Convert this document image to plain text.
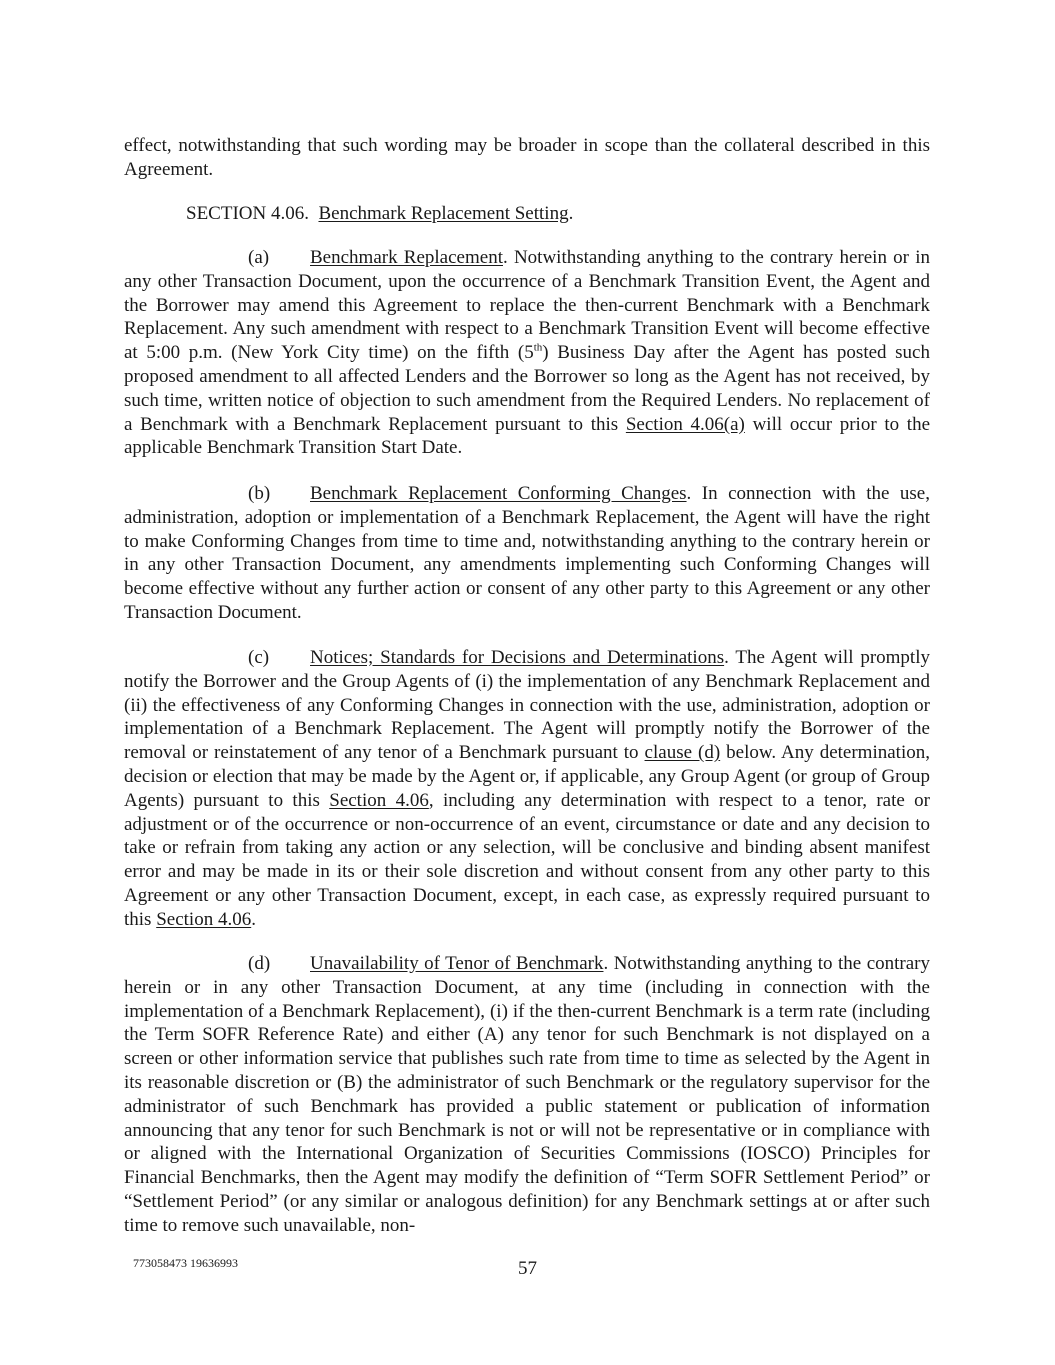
effect, notwithstanding that such wording may be broader in scope than the collateral described in this Agreement.

SECTION 4.06. Benchmark Replacement Setting.

(a) Benchmark Replacement. Notwithstanding anything to the contrary herein or in any other Transaction Document, upon the occurrence of a Benchmark Transition Event, the Agent and the Borrower may amend this Agreement to replace the then-current Benchmark with a Benchmark Replacement. Any such amendment with respect to a Benchmark Transition Event will become effective at 5:00 p.m. (New York City time) on the fifth (5th) Business Day after the Agent has posted such proposed amendment to all affected Lenders and the Borrower so long as the Agent has not received, by such time, written notice of objection to such amendment from the Required Lenders. No replacement of a Benchmark with a Benchmark Replacement pursuant to this Section 4.06(a) will occur prior to the applicable Benchmark Transition Start Date.

(b) Benchmark Replacement Conforming Changes. In connection with the use, administration, adoption or implementation of a Benchmark Replacement, the Agent will have the right to make Conforming Changes from time to time and, notwithstanding anything to the contrary herein or in any other Transaction Document, any amendments implementing such Conforming Changes will become effective without any further action or consent of any other party to this Agreement or any other Transaction Document.

(c) Notices; Standards for Decisions and Determinations. The Agent will promptly notify the Borrower and the Group Agents of (i) the implementation of any Benchmark Replacement and (ii) the effectiveness of any Conforming Changes in connection with the use, administration, adoption or implementation of a Benchmark Replacement. The Agent will promptly notify the Borrower of the removal or reinstatement of any tenor of a Benchmark pursuant to clause (d) below. Any determination, decision or election that may be made by the Agent or, if applicable, any Group Agent (or group of Group Agents) pursuant to this Section 4.06, including any determination with respect to a tenor, rate or adjustment or of the occurrence or non-occurrence of an event, circumstance or date and any decision to take or refrain from taking any action or any selection, will be conclusive and binding absent manifest error and may be made in its or their sole discretion and without consent from any other party to this Agreement or any other Transaction Document, except, in each case, as expressly required pursuant to this Section 4.06.

(d) Unavailability of Tenor of Benchmark. Notwithstanding anything to the contrary herein or in any other Transaction Document, at any time (including in connection with the implementation of a Benchmark Replacement), (i) if the then-current Benchmark is a term rate (including the Term SOFR Reference Rate) and either (A) any tenor for such Benchmark is not displayed on a screen or other information service that publishes such rate from time to time as selected by the Agent in its reasonable discretion or (B) the administrator of such Benchmark or the regulatory supervisor for the administrator of such Benchmark has provided a public statement or publication of information announcing that any tenor for such Benchmark is not or will not be representative or in compliance with or aligned with the International Organization of Securities Commissions (IOSCO) Principles for Financial Benchmarks, then the Agent may modify the definition of “Term SOFR Settlement Period” or “Settlement Period” (or any similar or analogous definition) for any Benchmark settings at or after such time to remove such unavailable, non-

773058473 19636993	57
